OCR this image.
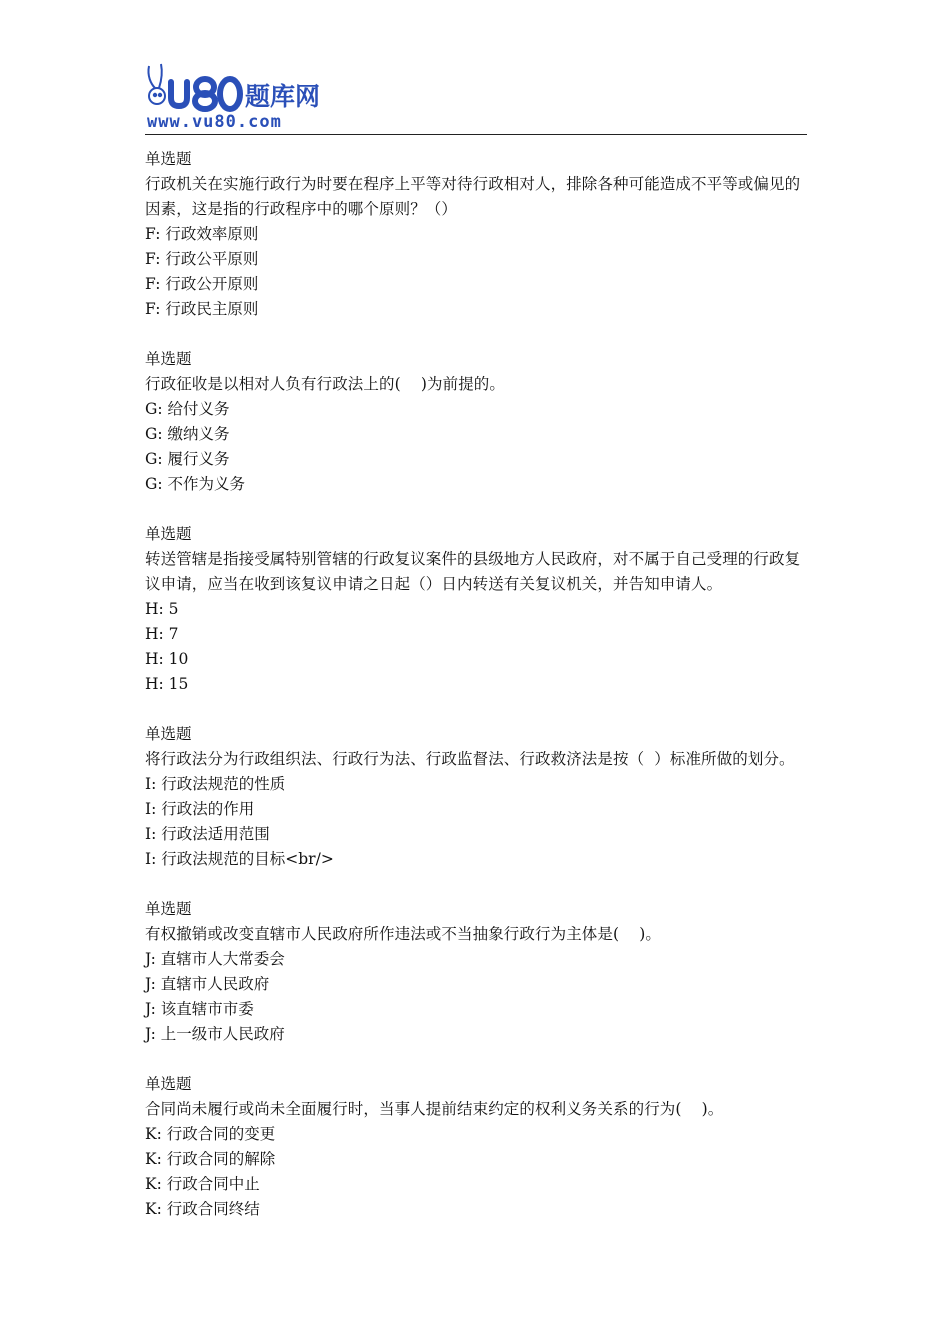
题库网
www.vu80.com
单选题
行政机关在实施行政行为时要在程序上平等对待行政相对人，排除各种可能造成不平等或偏见的因素，这是指的行政程序中的哪个原则？（）
F: 行政效率原则
F: 行政公平原则
F: 行政公开原则
F: 行政民主原则
单选题
行政征收是以相对人负有行政法上的(    )为前提的。
G: 给付义务
G: 缴纳义务
G: 履行义务
G: 不作为义务
单选题
转送管辖是指接受属特别管辖的行政复议案件的县级地方人民政府，对不属于自己受理的行政复议申请，应当在收到该复议申请之日起（）日内转送有关复议机关，并告知申请人。
H: 5
H: 7
H: 10
H: 15
单选题
将行政法分为行政组织法、行政行为法、行政监督法、行政救济法是按（  ）标准所做的划分。
I: 行政法规范的性质
I: 行政法的作用
I: 行政法适用范围
I: 行政法规范的目标<br/>
单选题
有权撤销或改变直辖市人民政府所作违法或不当抽象行政行为主体是(    )。
J: 直辖市人大常委会
J: 直辖市人民政府
J: 该直辖市市委
J: 上一级市人民政府
单选题
合同尚未履行或尚未全面履行时，当事人提前结束约定的权利义务关系的行为(    )。
K: 行政合同的变更
K: 行政合同的解除
K: 行政合同中止
K: 行政合同终结
